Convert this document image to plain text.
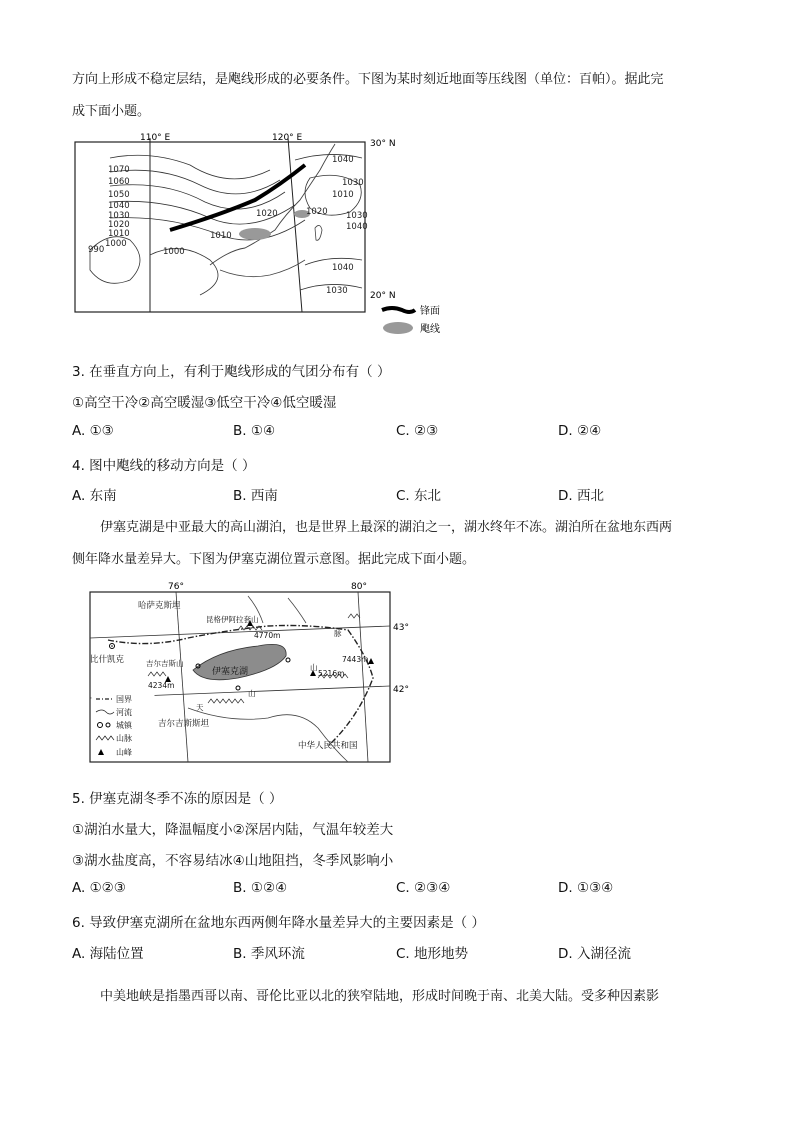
方向上形成不稳定层结，是飑线形成的必要条件。下图为某时刻近地面等压线图（单位：百帕）。据此完
成下面小题。
110° E	120° E
30° N
20° N
1070
1060
1050
1040
1030
1020
1010
1000
990
1020
1010
1000
1040
1030
1010
1020 1030
1040
1040
1030
锋面
飑线
3. 在垂直方向上，有利于飑线形成的气团分布有（ ）
①高空干冷②高空暖湿③低空干冷④低空暖湿
A. ①③	B. ①④	C. ②③	D. ②④
4. 图中飑线的移动方向是（ ）
A. 东南	B. 西南	C. 东北	D. 西北
伊塞克湖是中亚最大的高山湖泊，也是世界上最深的湖泊之一，湖水终年不冻。湖泊所在盆地东西两
侧年降水量差异大。下图为伊塞克湖位置示意图。据此完成下面小题。
76°	80°
43°
42°
哈萨克斯坦
昆格伊阿拉套山
4770m
比什凯克	吉尔吉斯山
4234m
伊塞克湖	5216m
7443m
吉尔吉斯斯坦
中华人民共和国
天
山
山
脉
国界
河流
城镇
山脉
山峰
5. 伊塞克湖冬季不冻的原因是（ ）
①湖泊水量大，降温幅度小②深居内陆，气温年较差大
③湖水盐度高，不容易结冰④山地阻挡，冬季风影响小
A. ①②③	B. ①②④	C. ②③④	D. ①③④
6. 导致伊塞克湖所在盆地东西两侧年降水量差异大的主要因素是（ ）
A. 海陆位置	B. 季风环流	C. 地形地势	D. 入湖径流
中美地峡是指墨西哥以南、哥伦比亚以北的狭窄陆地，形成时间晚于南、北美大陆。受多种因素影
